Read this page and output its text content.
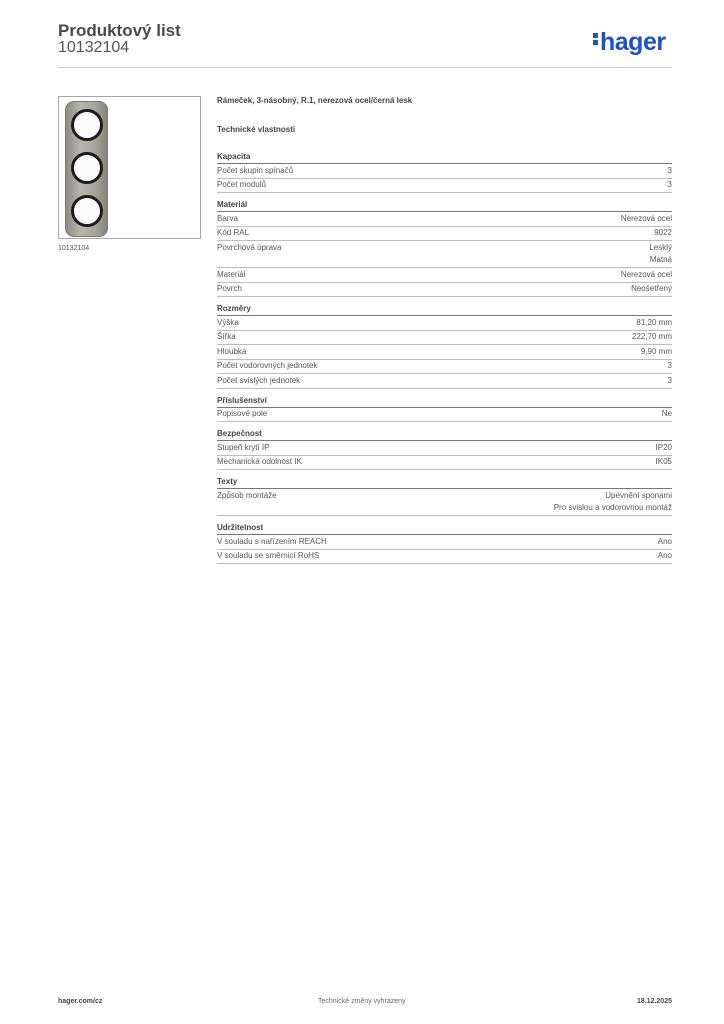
Produktový list
10132104	hager
10132104
Rámeček, 3-násobný, R.1, nerezová ocel/černá lesk
Technické vlastnosti
Kapacita
Počet skupin spínačů	3
Počet modulů	3
Materiál
Barva	Nerezová ocel
Kód RAL	9022
Povrchová úprava	Lesklý
Matná
Materiál	Nerezová ocel
Povrch	Neošetřený
Rozměry
Výška	81,20 mm
Šířka	222,70 mm
Hloubka	9,90 mm
Počet vodorovných jednotek	3
Počet svislých jednotek	3
Příslušenství
Popisové pole	Ne
Bezpečnost
Stupeň krytí IP	IP20
Mechanická odolnost IK	IK05
Texty
Způsob montáže	Upevnění sponami
Pro svislou a vodorovnou montáž
Udržitelnost
V souladu s nařízením REACH	Ano
V souladu se směrnicí RoHS	Ano
hager.com/cz	Technické změny vyhrazeny	18.12.2025
